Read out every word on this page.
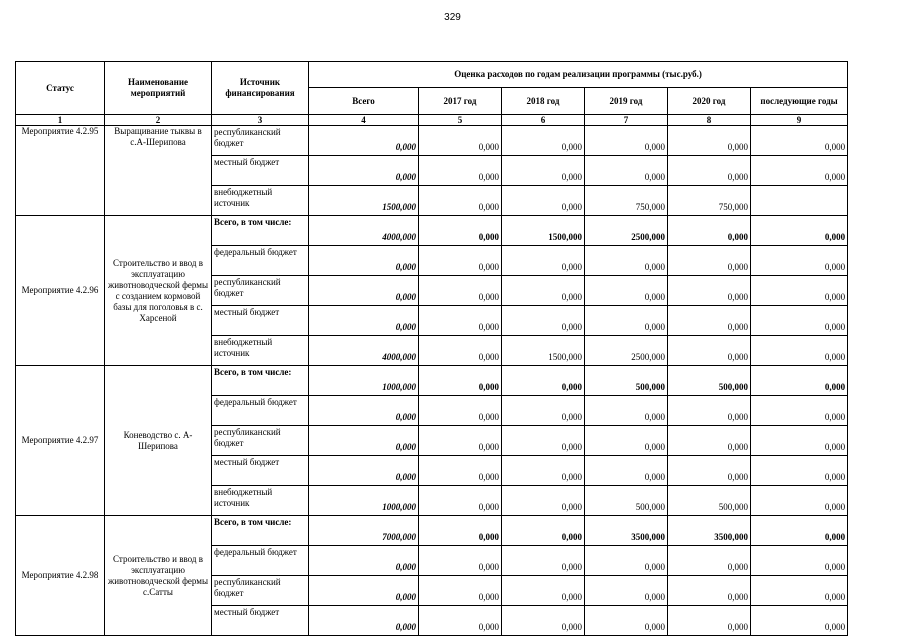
329
Статус	Наименование мероприятий	Источник финансирования	Оценка расходов по годам реализации программы (тыс.руб.)					
			Всего	2017 год	2018 год	2019 год	2020 год	последующие годы
1	2	3	4	5	6	7	8	9
Мероприятие 4.2.95	Выращивание тыквы в с.А-Шерипова	республиканский бюджет	0,000	0,000	0,000	0,000	0,000	0,000
		местный бюджет	0,000	0,000	0,000	0,000	0,000	0,000
		внебюджетный источник	1500,000	0,000	0,000	750,000	750,000	
Мероприятие 4.2.96	Строительство и ввод в эксплуатацию животноводческой фермы с созданием кормовой базы для поголовья в с. Харсеной	Всего, в том числе:	4000,000	0,000	1500,000	2500,000	0,000	0,000
		федеральный бюджет	0,000	0,000	0,000	0,000	0,000	0,000
		республиканский бюджет	0,000	0,000	0,000	0,000	0,000	0,000
		местный бюджет	0,000	0,000	0,000	0,000	0,000	0,000
		внебюджетный источник	4000,000	0,000	1500,000	2500,000	0,000	0,000
Мероприятие 4.2.97	Коневодство с. А-Шерипова	Всего, в том числе:	1000,000	0,000	0,000	500,000	500,000	0,000
		федеральный бюджет	0,000	0,000	0,000	0,000	0,000	0,000
		республиканский бюджет	0,000	0,000	0,000	0,000	0,000	0,000
		местный бюджет	0,000	0,000	0,000	0,000	0,000	0,000
		внебюджетный источник	1000,000	0,000	0,000	500,000	500,000	0,000
Мероприятие 4.2.98	Строительство и ввод в эксплуатацию животноводческой фермы с.Сатты	Всего, в том числе:	7000,000	0,000	0,000	3500,000	3500,000	0,000
		федеральный бюджет	0,000	0,000	0,000	0,000	0,000	0,000
		республиканский бюджет	0,000	0,000	0,000	0,000	0,000	0,000
		местный бюджет	0,000	0,000	0,000	0,000	0,000	0,000
